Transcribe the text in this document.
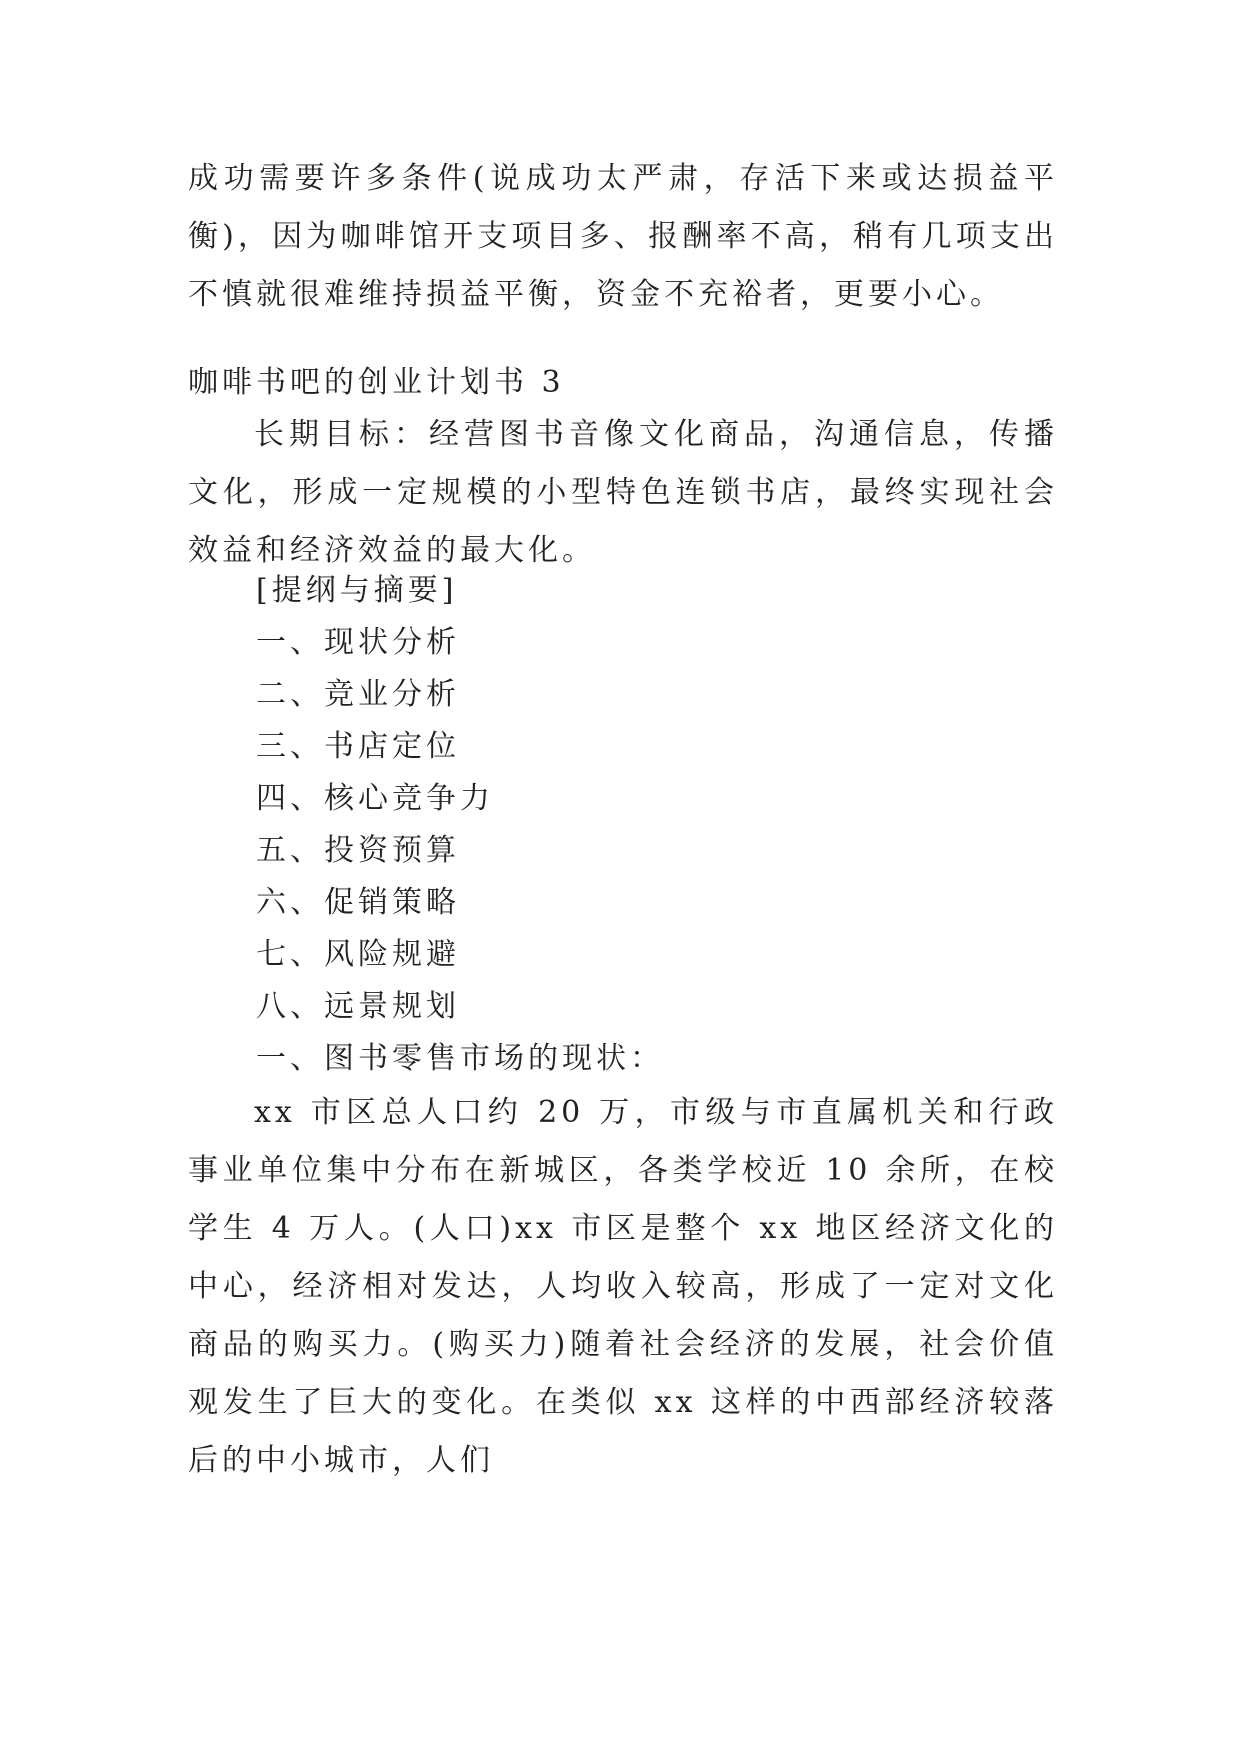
成功需要许多条件(说成功太严肃，存活下来或达损益平衡)，因为咖啡馆开支项目多、报酬率不高，稍有几项支出不慎就很难维持损益平衡，资金不充裕者，更要小心。

咖啡书吧的创业计划书 3

长期目标：经营图书音像文化商品，沟通信息，传播文化，形成一定规模的小型特色连锁书店，最终实现社会效益和经济效益的最大化。

[提纲与摘要]

一、现状分析

二、竞业分析

三、书店定位

四、核心竞争力

五、投资预算

六、促销策略

七、风险规避

八、远景规划

一、图书零售市场的现状：

xx 市区总人口约 20 万，市级与市直属机关和行政事业单位集中分布在新城区，各类学校近 10 余所，在校学生 4 万人。(人口)xx 市区是整个 xx 地区经济文化的中心，经济相对发达，人均收入较高，形成了一定对文化商品的购买力。(购买力)随着社会经济的发展，社会价值观发生了巨大的变化。在类似 xx 这样的中西部经济较落后的中小城市，人们
